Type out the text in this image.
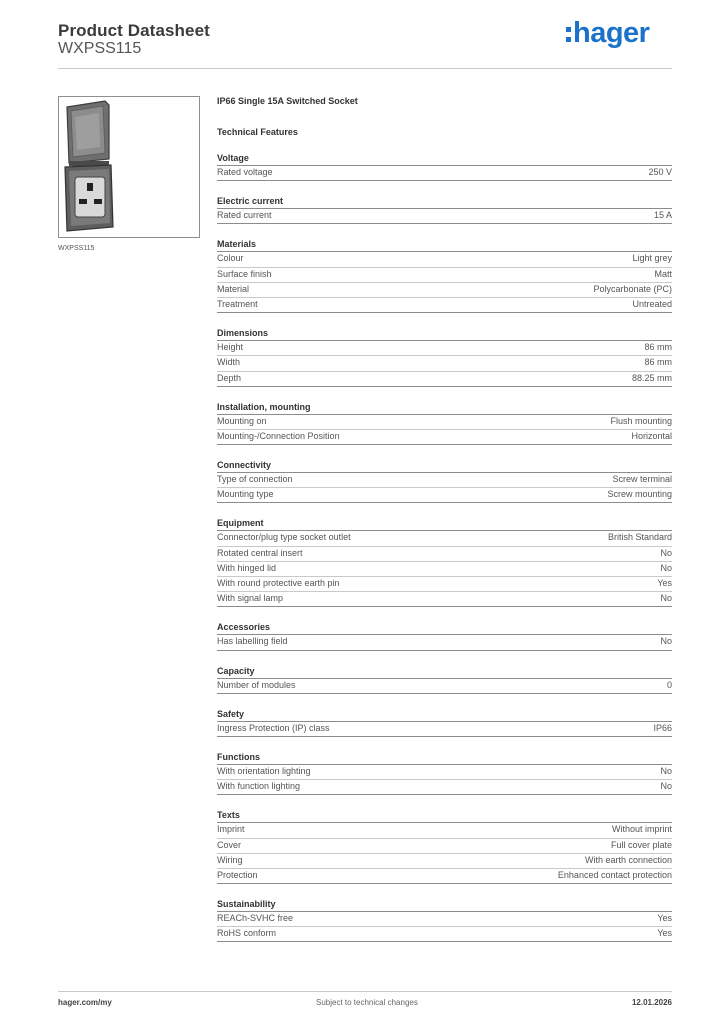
Product Datasheet
WXPSS115	hager
WXPSS115
IP66 Single 15A Switched Socket
Technical Features
Voltage
Rated voltage	250 V
Electric current
Rated current	15 A
Materials
Colour	Light grey
Surface finish	Matt
Material	Polycarbonate (PC)
Treatment	Untreated
Dimensions
Height	86 mm
Width	86 mm
Depth	88.25 mm
Installation, mounting
Mounting on	Flush mounting
Mounting-/Connection Position	Horizontal
Connectivity
Type of connection	Screw terminal
Mounting type	Screw mounting
Equipment
Connector/plug type socket outlet	British Standard
Rotated central insert	No
With hinged lid	No
With round protective earth pin	Yes
With signal lamp	No
Accessories
Has labelling field	No
Capacity
Number of modules	0
Safety
Ingress Protection (IP) class	IP66
Functions
With orientation lighting	No
With function lighting	No
Texts
Imprint	Without imprint
Cover	Full cover plate
Wiring	With earth connection
Protection	Enhanced contact protection
Sustainability
REACh-SVHC free	Yes
RoHS conform	Yes
hager.com/my	Subject to technical changes	12.01.2026
